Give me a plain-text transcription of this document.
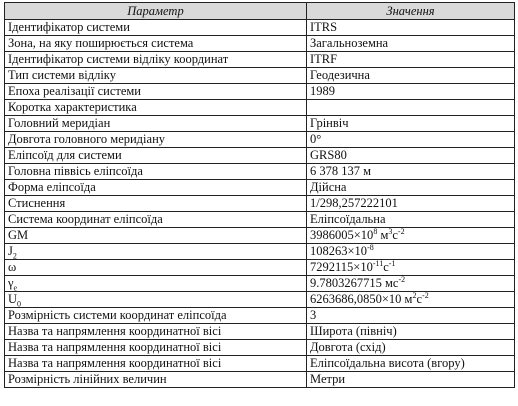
Параметр	Значення
Ідентифікатор системи	ITRS
Зона, на яку поширюється система	Загальноземна
Ідентифікатор системи відліку координат	ITRF
Тип системи відліку	Геодезична
Епоха реалізації системи	1989
Коротка характеристика	
Головний меридіан	Грінвіч
Довгота головного меридіану	0°
Еліпсоїд для системи	GRS80
Головна піввісь еліпсоїда	6 378 137 м
Форма еліпсоїда	Дійсна
Стиснення	1/298,257222101
Система координат еліпсоїда	Еліпсоїдальна
GM	$3986005\times 10^8$ $м^3с^{-2}$
$J_2$	$108263\times 10^{-8}$
ω	$7292115\times 10^{-11}с^{-1}$
$\gamma_e$	9.7803267715 $мс^{-2}$
$U_0$	6263686,0850×10 $м^2с^{-2}$
Розмірність системи координат еліпсоїда	3
Назва та напрямлення координатної вісі	Широта (північ)
Назва та напрямлення координатної вісі	Довгота (схід)
Назва та напрямлення координатної вісі	Еліпсоїдальна висота (вгору)
Розмірність лінійних величин	Метри
